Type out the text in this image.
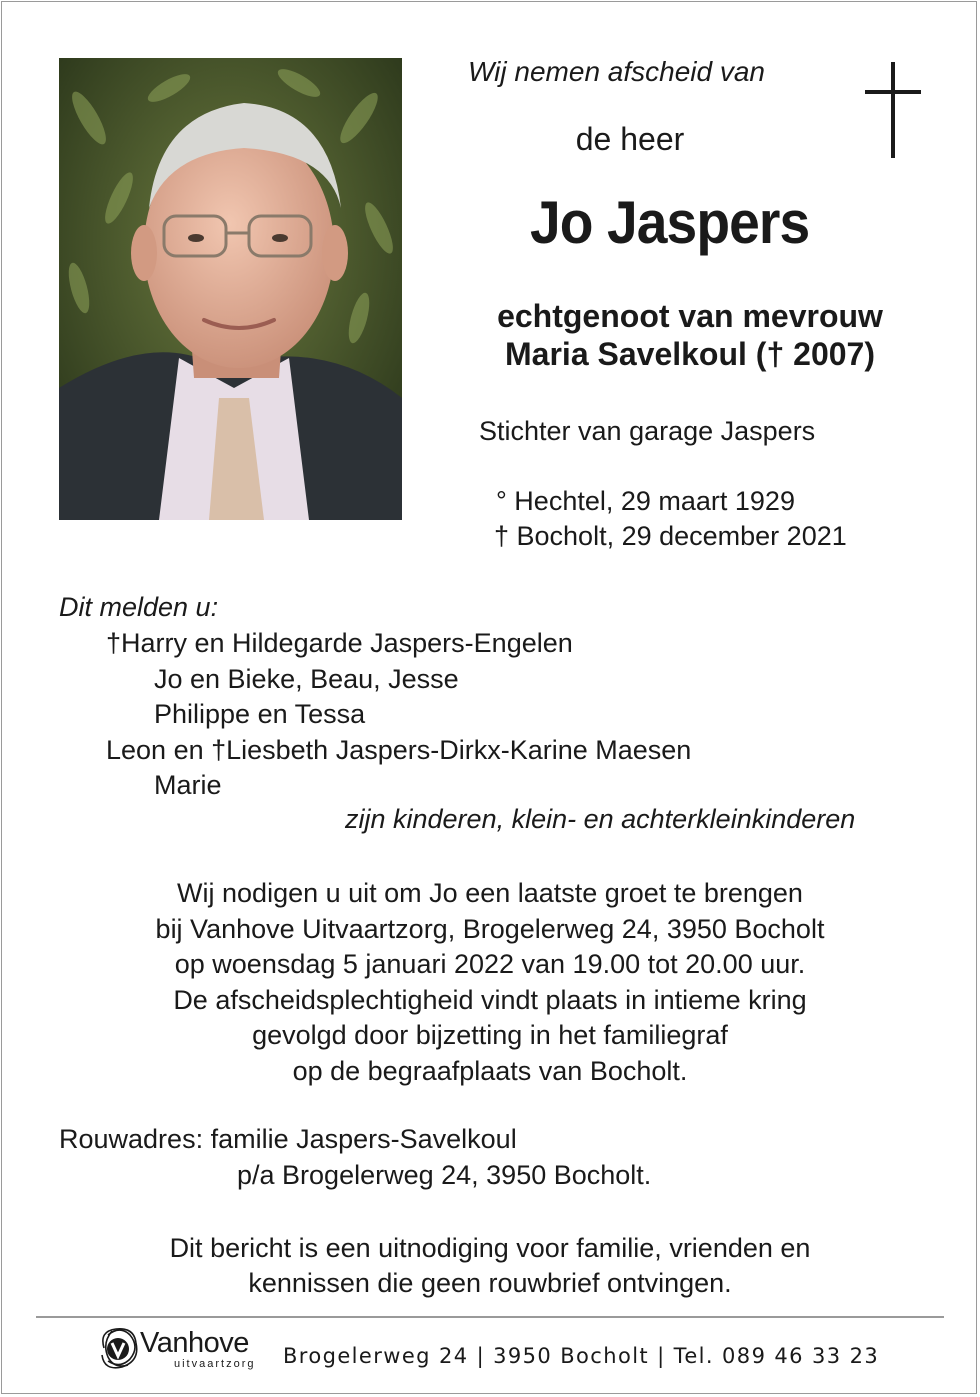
Wij nemen afscheid van
de heer
Jo Jaspers
echtgenoot van mevrouw
Maria Savelkoul († 2007)
Stichter van garage Jaspers
° Hechtel, 29 maart 1929
† Bocholt, 29 december 2021
Dit melden u:
†Harry en Hildegarde Jaspers-Engelen
Jo en Bieke, Beau, Jesse
Philippe en Tessa
Leon en †Liesbeth Jaspers-Dirkx-Karine Maesen
Marie
zijn kinderen, klein- en achterkleinkinderen
Wij nodigen u uit om Jo een laatste groet te brengen
bij Vanhove Uitvaartzorg, Brogelerweg 24, 3950 Bocholt
op woensdag 5 januari 2022 van 19.00 tot 20.00 uur.
De afscheidsplechtigheid vindt plaats in intieme kring
gevolgd door bijzetting in het familiegraf
op de begraafplaats van Bocholt.
Rouwadres: familie Jaspers-Savelkoul
p/a Brogelerweg 24, 3950 Bocholt.
Dit bericht is een uitnodiging voor familie, vrienden en
kennissen die geen rouwbrief ontvingen.
Vanhove
uitvaartzorg Brogelerweg 24 | 3950 Bocholt | Tel. 089 46 33 23
